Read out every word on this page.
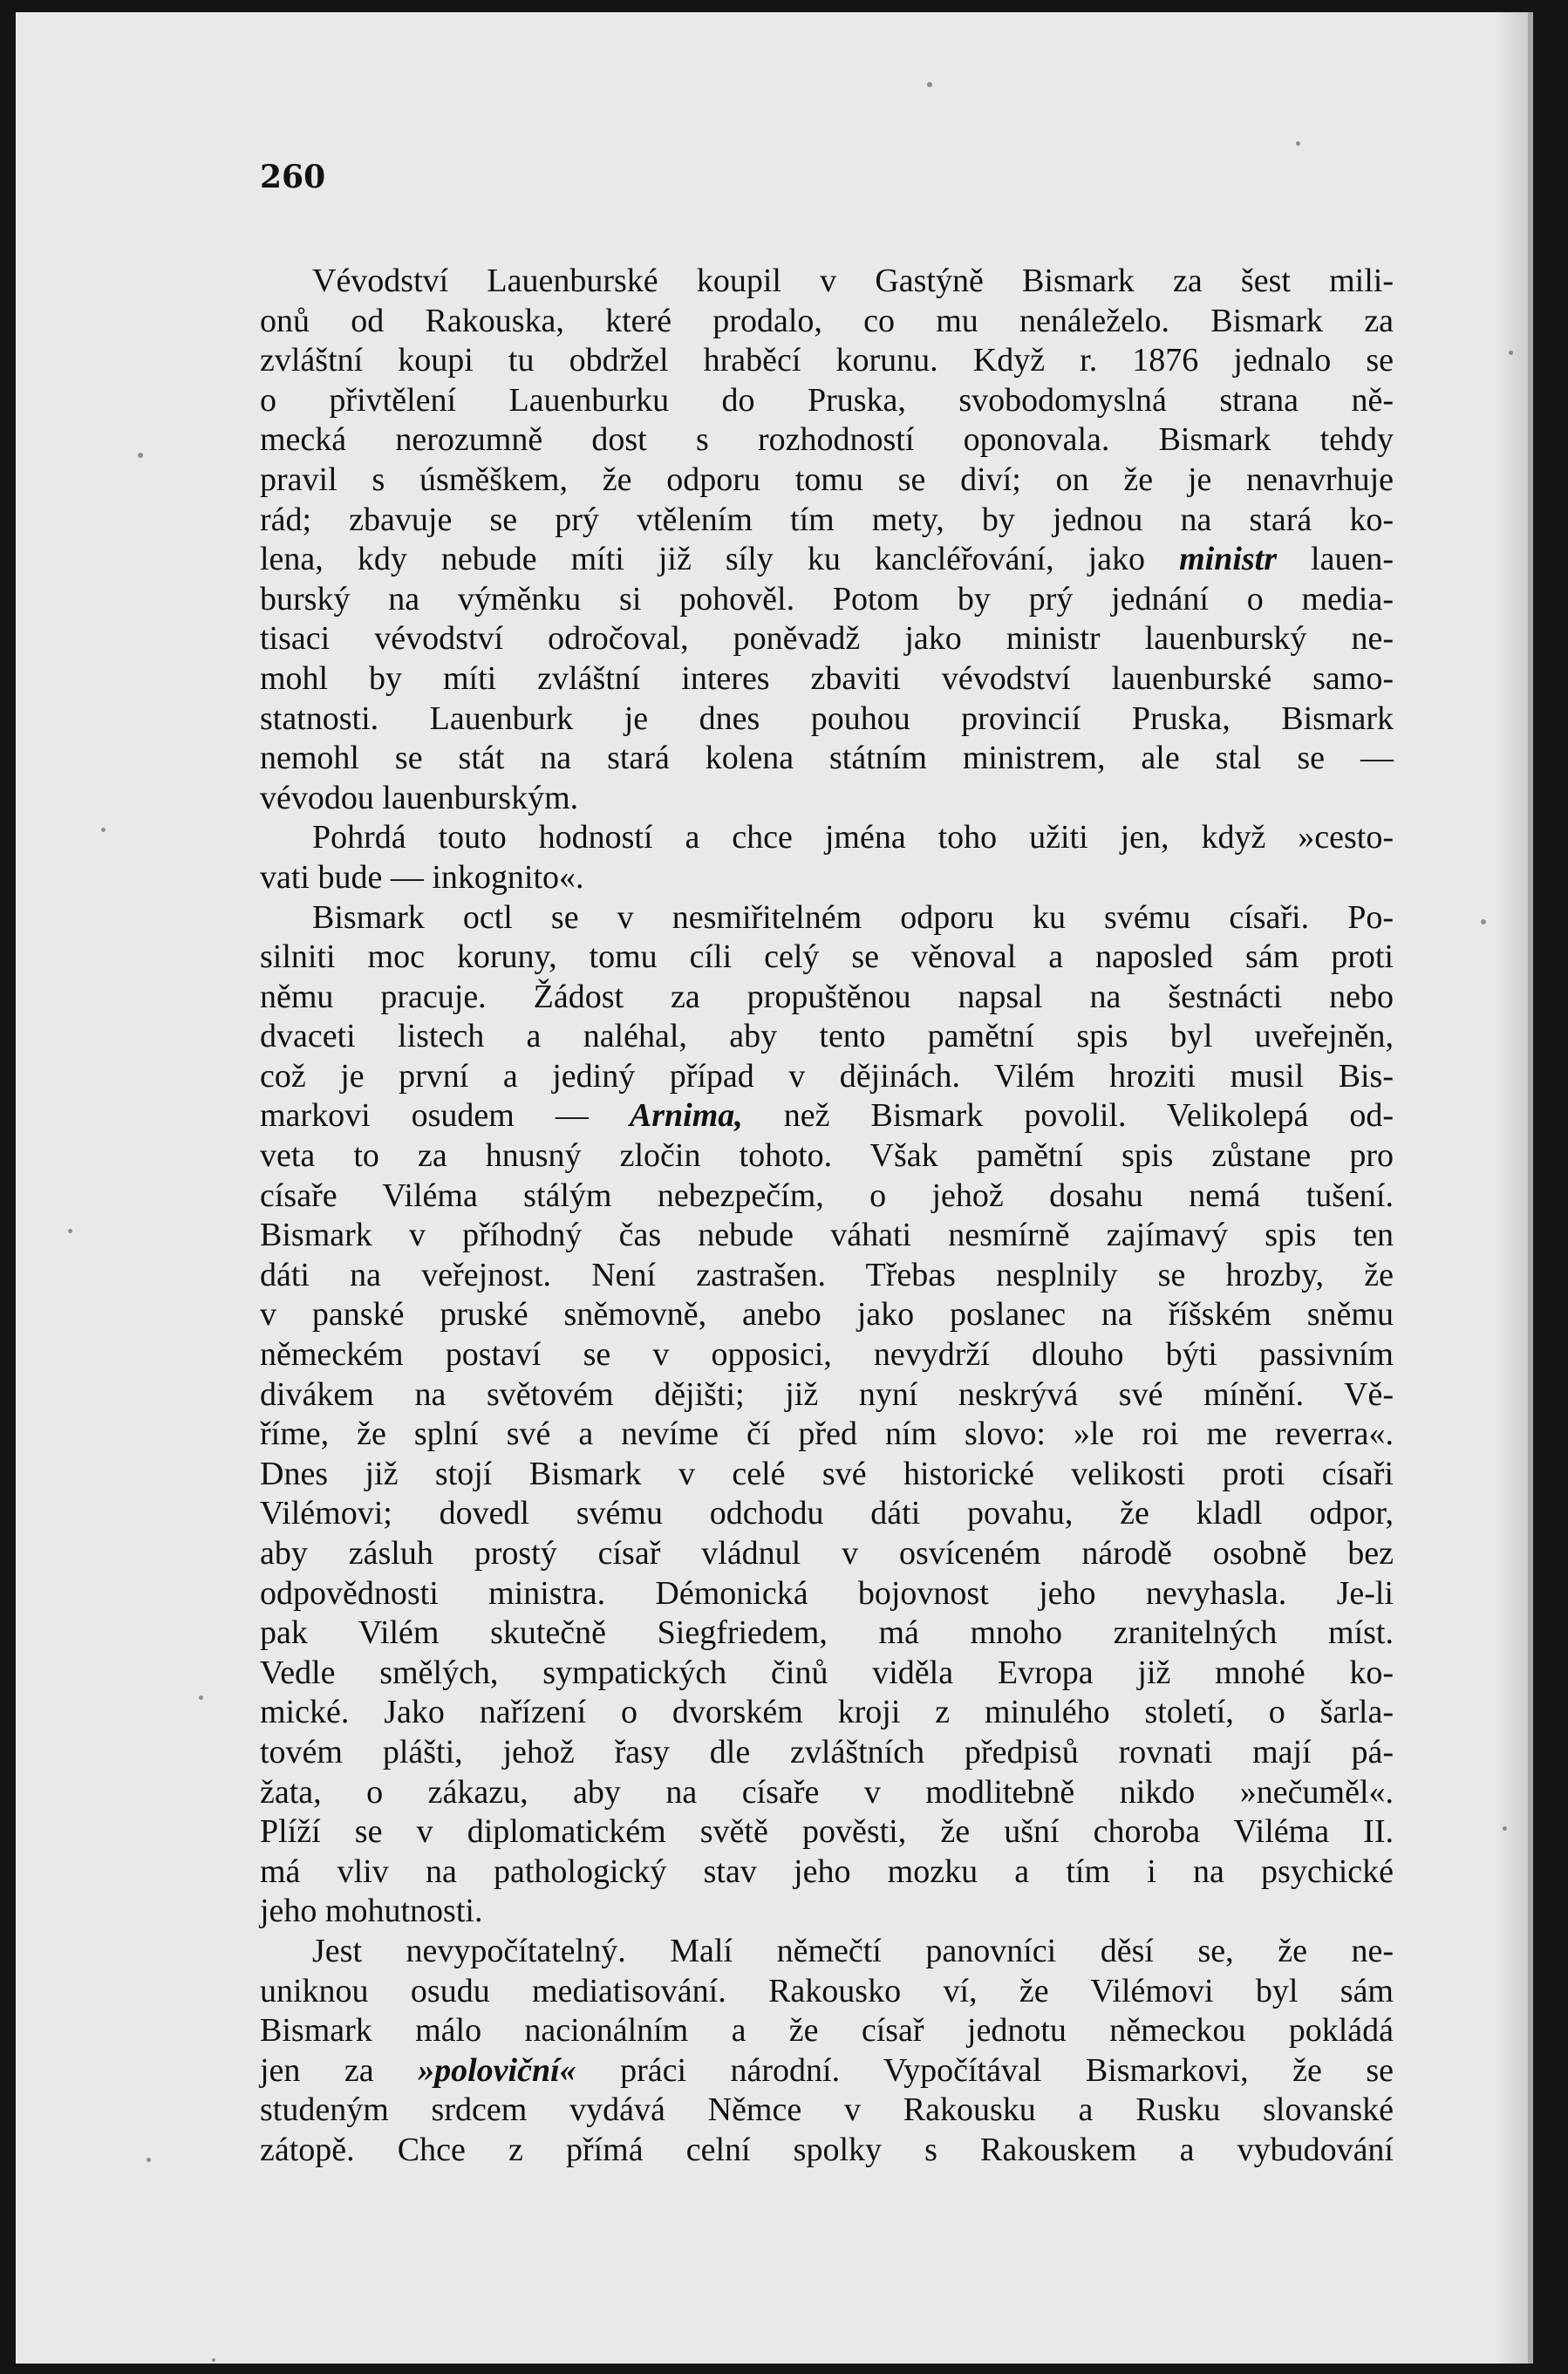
260

Vévodství Lauenburské koupil v Gastýně Bismark za šest mili-

onů od Rakouska, které prodalo, co mu nenáleželo. Bismark za

zvláštní koupi tu obdržel hraběcí korunu. Když r. 1876 jednalo se

o přivtělení Lauenburku do Pruska, svobodomyslná strana ně-

mecká nerozumně dost s rozhodností oponovala. Bismark tehdy

pravil s úsměškem, že odporu tomu se diví; on že je nenavrhuje

rád; zbavuje se prý vtělením tím mety, by jednou na stará ko-

lena, kdy nebude míti již síly ku kancléřování, jako ministr lauen-

burský na výměnku si pohověl. Potom by prý jednání o media-

tisaci vévodství odročoval, poněvadž jako ministr lauenburský ne-

mohl by míti zvláštní interes zbaviti vévodství lauenburské samo-

statnosti. Lauenburk je dnes pouhou provincií Pruska, Bismark

nemohl se stát na stará kolena státním ministrem, ale stal se —

vévodou lauenburským.

Pohrdá touto hodností a chce jména toho užiti jen, když »cesto-

vati bude — inkognito«.

Bismark octl se v nesmiřitelném odporu ku svému císaři. Po-

silniti moc koruny, tomu cíli celý se věnoval a naposled sám proti

němu pracuje. Žádost za propuštěnou napsal na šestnácti nebo

dvaceti listech a naléhal, aby tento pamětní spis byl uveřejněn,

což je první a jediný případ v dějinách. Vilém hroziti musil Bis-

markovi osudem — Arnima, než Bismark povolil. Velikolepá od-

veta to za hnusný zločin tohoto. Však pamětní spis zůstane pro

císaře Viléma stálým nebezpečím, o jehož dosahu nemá tušení.

Bismark v příhodný čas nebude váhati nesmírně zajímavý spis ten

dáti na veřejnost. Není zastrašen. Třebas nesplnily se hrozby, že

v panské pruské sněmovně, anebo jako poslanec na říšském sněmu

německém postaví se v opposici, nevydrží dlouho býti passivním

divákem na světovém dějišti; již nyní neskrývá své mínění. Vě-

říme, že splní své a nevíme čí před ním slovo: »le roi me reverra«.

Dnes již stojí Bismark v celé své historické velikosti proti císaři

Vilémovi; dovedl svému odchodu dáti povahu, že kladl odpor,

aby zásluh prostý císař vládnul v osvíceném národě osobně bez

odpovědnosti ministra. Démonická bojovnost jeho nevyhasla. Je-li

pak Vilém skutečně Siegfriedem, má mnoho zranitelných míst.

Vedle smělých, sympatických činů viděla Evropa již mnohé ko-

mické. Jako nařízení o dvorském kroji z minulého století, o šarla-

tovém plášti, jehož řasy dle zvláštních předpisů rovnati mají pá-

žata, o zákazu, aby na císaře v modlitebně nikdo »nečuměl«.

Plíží se v diplomatickém světě pověsti, že ušní choroba Viléma II.

má vliv na pathologický stav jeho mozku a tím i na psychické

jeho mohutnosti.

Jest nevypočítatelný. Malí němečtí panovníci děsí se, že ne-

uniknou osudu mediatisování. Rakousko ví, že Vilémovi byl sám

Bismark málo nacionálním a že císař jednotu německou pokládá

jen za »poloviční« práci národní. Vypočítával Bismarkovi, že se

studeným srdcem vydává Němce v Rakousku a Rusku slovanské

zátopě. Chce z přímá celní spolky s Rakouskem a vybudování
